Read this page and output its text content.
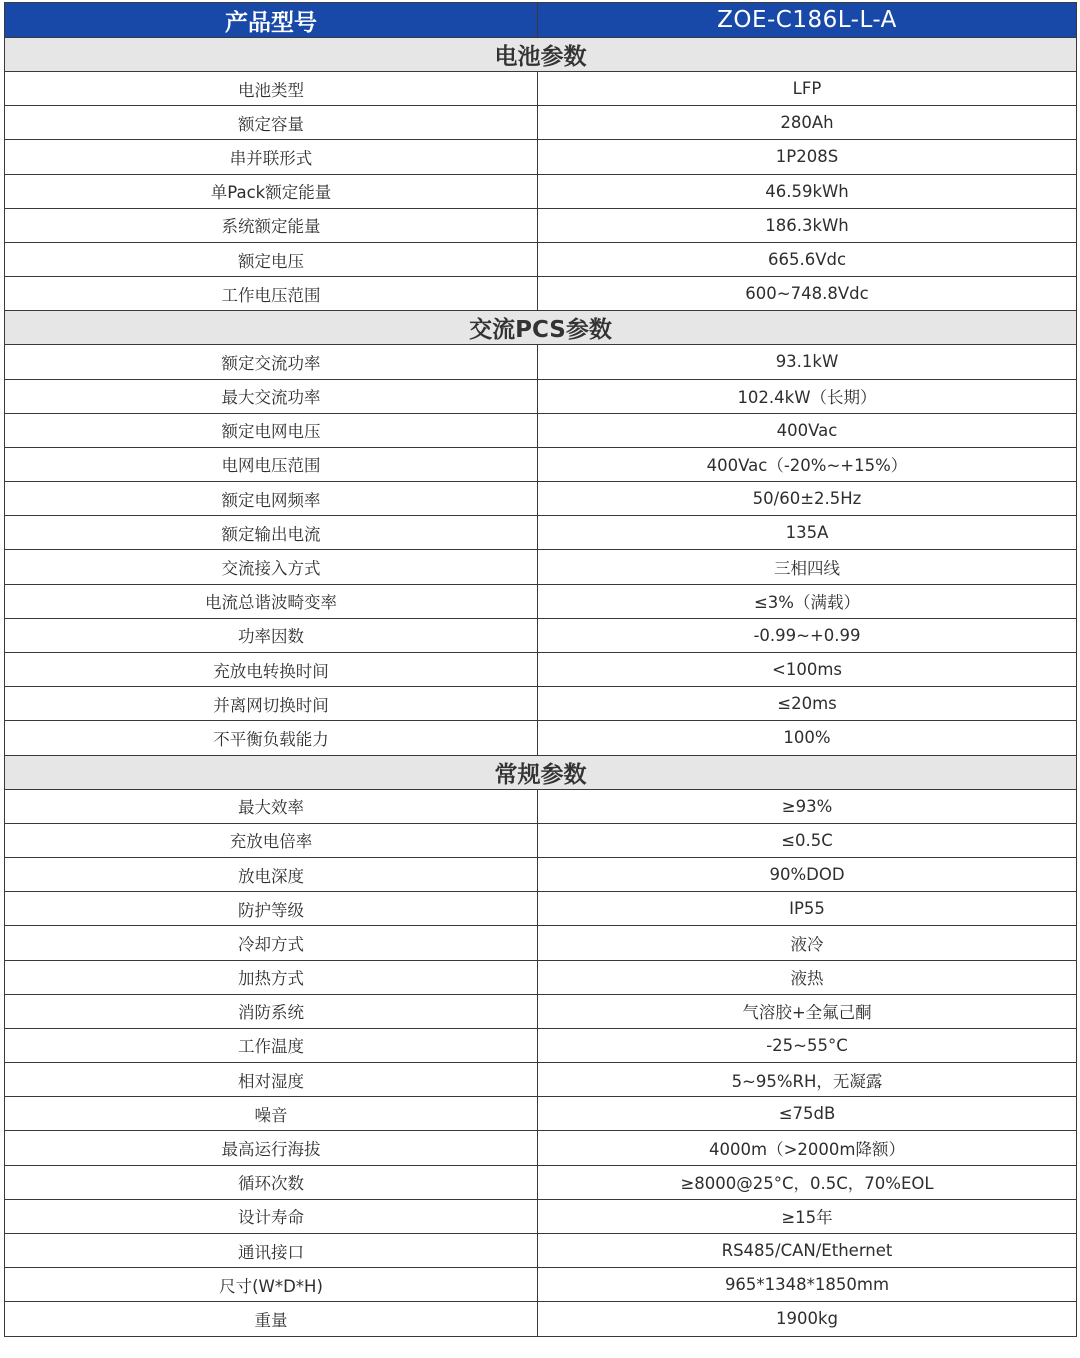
产品型号	ZOE-C186L-L-A
电池参数	
电池类型	LFP
额定容量	280Ah
串并联形式	1P208S
单Pack额定能量	46.59kWh
系统额定能量	186.3kWh
额定电压	665.6Vdc
工作电压范围	600~748.8Vdc
交流PCS参数	
额定交流功率	93.1kW
最大交流功率	102.4kW（长期）
额定电网电压	400Vac
电网电压范围	400Vac（-20%~+15%）
额定电网频率	50/60±2.5Hz
额定输出电流	135A
交流接入方式	三相四线
电流总谐波畸变率	≤3%（满载）
功率因数	-0.99~+0.99
充放电转换时间	<100ms
并离网切换时间	≤20ms
不平衡负载能力	100%
常规参数	
最大效率	≥93%
充放电倍率	≤0.5C
放电深度	90%DOD
防护等级	IP55
冷却方式	液冷
加热方式	液热
消防系统	气溶胶+全氟己酮
工作温度	-25~55°C
相对湿度	5~95%RH，无凝露
噪音	≤75dB
最高运行海拔	4000m（>2000m降额）
循环次数	≥8000@25°C，0.5C，70%EOL
设计寿命	≥15年
通讯接口	RS485/CAN/Ethernet
尺寸(W*D*H)	965*1348*1850mm
重量	1900kg
